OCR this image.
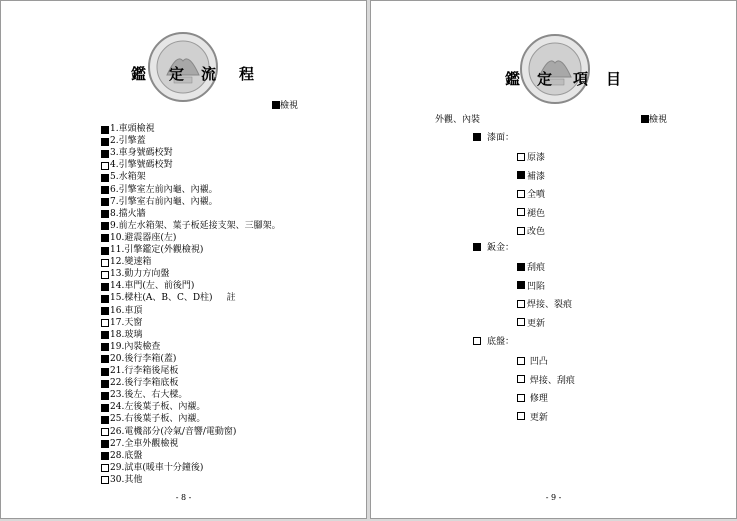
鑑 定 流 程
檢視
1.車頭檢視
2.引擎蓋
3.車身號碼校對
4.引擎號碼校對
5.水箱架
6.引擎室左前內龜、內襯。
7.引擎室右前內龜、內襯。
8.擋火牆
9.前左水箱架、葉子板延接支架、三腳架。
10.避震器座(左)
11.引擎鑑定(外觀檢視)
12.變速箱
13.動力方向盤
14.車門(左、前後門)
15.樑柱(A、B、C、D柱) 註
16.車頂
17.天窗
18.玻璃
19.內裝檢查
20.後行李箱(蓋)
21.行李箱後尾板
22.後行李箱底板
23.後左、右大樑。
24.左後葉子板、內襯。
25.右後葉子板、內襯。
26.電機部分(冷氣/音響/電動窗)
27.全車外觀檢視
28.底盤
29.試車(暖車十分鐘後)
30.其他
- 8 -
鑑 定 項 目
外觀、內裝	檢視
漆面：
原漆
補漆
全噴
褪色
改色
鈑金：
刮痕
凹陷
焊接、裂痕
更新
底盤：
凹凸
焊接、刮痕
修理
更新
- 9 -
